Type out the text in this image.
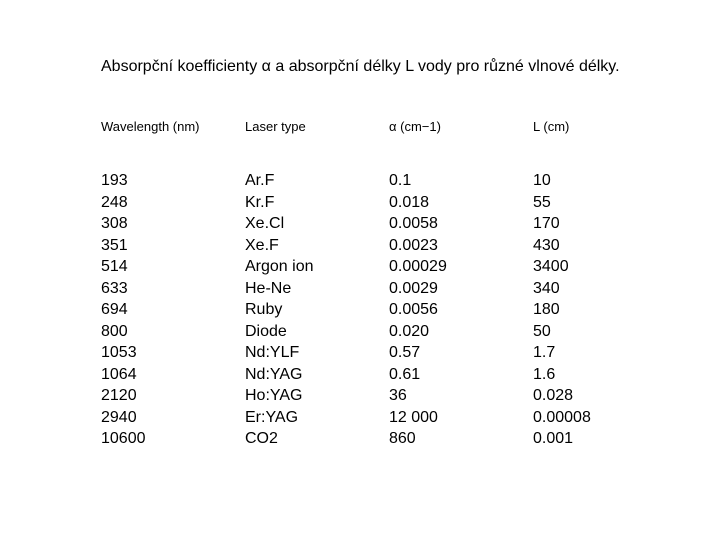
Absorpční koefficienty α a absorpční délky L vody pro různé vlnové délky.
Wavelength (nm)
193
248
308
351
514
633
694
800
1053
1064
2120
2940
10600
Laser type
Ar.F
Kr.F
Xe.Cl
Xe.F
Argon ion
He-Ne
Ruby
Diode
Nd:YLF
Nd:YAG
Ho:YAG
Er:YAG
CO2
α (cm−1)
0.1
0.018
0.0058
0.0023
0.00029
0.0029
0.0056
0.020
0.57
0.61
36
12 000
860
L (cm)
10
55
170
430
3400
340
180
50
1.7
1.6
0.028
0.00008
0.001
